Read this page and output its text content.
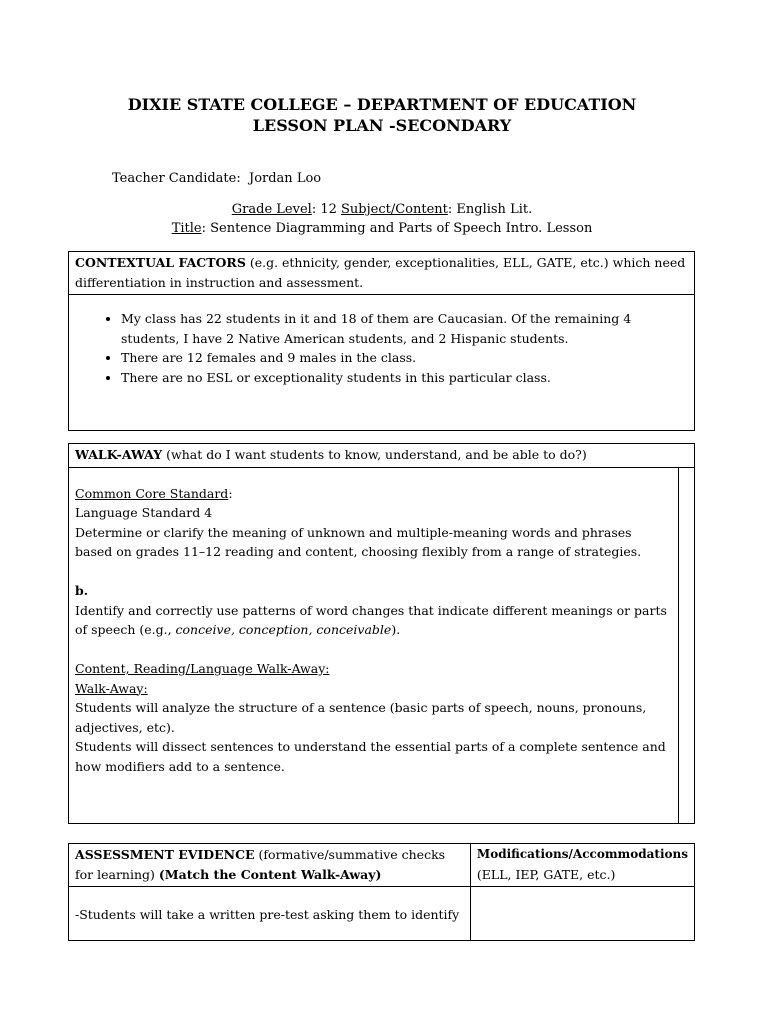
DIXIE STATE COLLEGE – DEPARTMENT OF EDUCATION
LESSON PLAN -SECONDARY
Teacher Candidate: Jordan Loo
Grade Level: 12 Subject/Content: English Lit.
Title: Sentence Diagramming and Parts of Speech Intro. Lesson
CONTEXTUAL FACTORS (e.g. ethnicity, gender, exceptionalities, ELL, GATE, etc.) which need differentiation in instruction and assessment.

• My class has 22 students in it and 18 of them are Caucasian. Of the remaining 4 students, I have 2 Native American students, and 2 Hispanic students.
• There are 12 females and 9 males in the class.
• There are no ESL or exceptionality students in this particular class.
WALK-AWAY (what do I want students to know, understand, and be able to do?)

Common Core Standard:

Language Standard 4

Determine or clarify the meaning of unknown and multiple-meaning words and phrases based on grades 11–12 reading and content, choosing flexibly from a range of strategies.

b.

Identify and correctly use patterns of word changes that indicate different meanings or parts of speech (e.g., conceive, conception, conceivable).

Content, Reading/Language Walk-Away:

Walk-Away:

Students will analyze the structure of a sentence (basic parts of speech, nouns, pronouns, adjectives, etc).

Students will dissect sentences to understand the essential parts of a complete sentence and how modifiers add to a sentence.

ASSESSMENT EVIDENCE (formative/summative checks for learning) (Match the Content Walk-Away)	Modifications/Accommodations
(ELL, IEP, GATE, etc.)

-Students will take a written pre-test asking them to identify	
